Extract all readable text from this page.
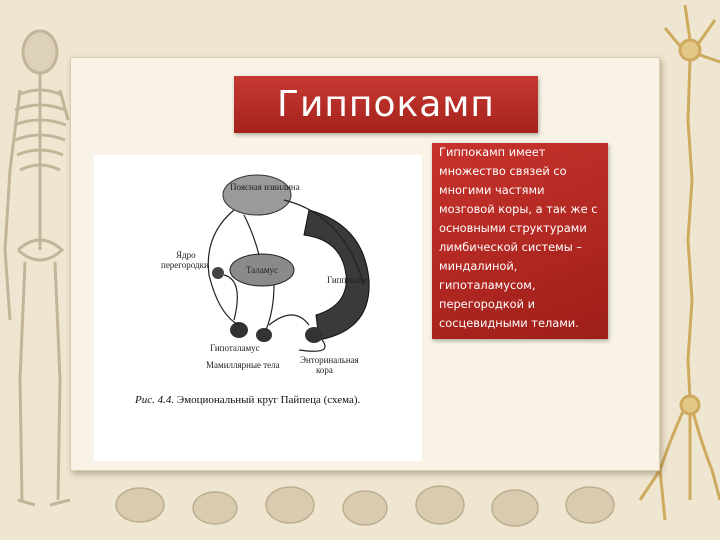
Гиппокамп
Поясная извилина
Ядро
перегородки	Таламус
Гиппокамп
Гипоталамус
Мамиллярные тела Энторинальная
кора
Рис. 4.4. Эмоциональный круг Пайпеца (схема).
Гиппокамп имеет множество связей со многими частями мозговой коры, а так же с основными структурами лимбической системы – миндалиной, гипоталамусом, перегородкой и сосцевидными телами.
